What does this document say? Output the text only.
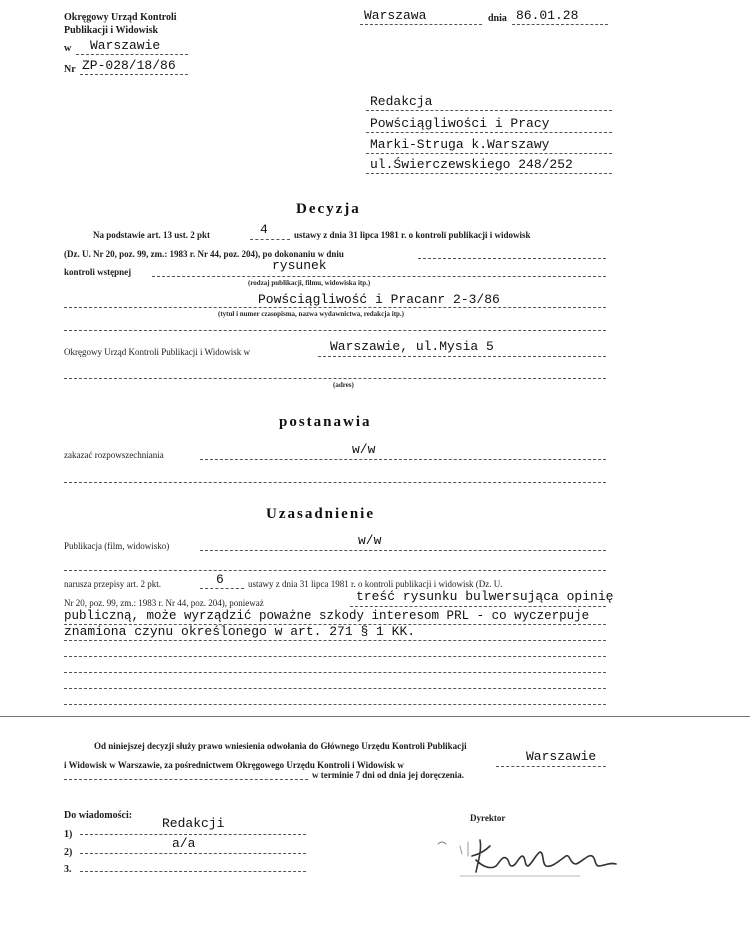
Okręgowy Urząd Kontroli
Publikacji i Widowisk
w Warszawie
Nr ZP-028/18/86
Warszawa	dnia 86.01.28
Redakcja
Powściągliwości i Pracy
Marki-Struga k.Warszawy
ul.Świerczewskiego 248/252
Decyzja
Na podstawie art. 13 ust. 2 pkt	4	ustawy z dnia 31 lipca 1981 r. o kontroli publikacji i widowisk
(Dz. U. Nr 20, poz. 99, zm.: 1983 r. Nr 44, poz. 204), po dokonaniu w dniu
kontroli wstępnej	rysunek
(rodzaj publikacji, filmu, widowiska itp.)
Powściągliwość i Pracanr 2-3/86
(tytuł i numer czasopisma, nazwa wydawnictwa, redakcja itp.)
Okręgowy Urząd Kontroli Publikacji i Widowisk w	Warszawie, ul.Mysia 5
(adres)
postanawia
zakazać rozpowszechniania	w/w
Uzasadnienie
Publikacja (film, widowisko)	w/w
narusza przepisy art. 2 pkt.	6	ustawy z dnia 31 lipca 1981 r. o kontroli publikacji i widowisk (Dz. U.
Nr 20, poz. 99, zm.: 1983 r. Nr 44, poz. 204), ponieważ	treść rysunku bulwersująca opinię
publiczną, może wyrządzić poważne szkody interesom PRL - co wyczerpuje
znamiona czynu określonego w art. 271 § 1 KK.
Od niniejszej decyzji służy prawo wniesienia odwołania do Głównego Urzędu Kontroli Publikacji
i Widowisk w Warszawie, za pośrednictwem Okręgowego Urzędu Kontroli i Widowisk w
Warszawie
w terminie 7 dni od dnia jej doręczenia.
Do wiadomości:
1)
Redakcji
2)
a/a
3.
Dyrektor
